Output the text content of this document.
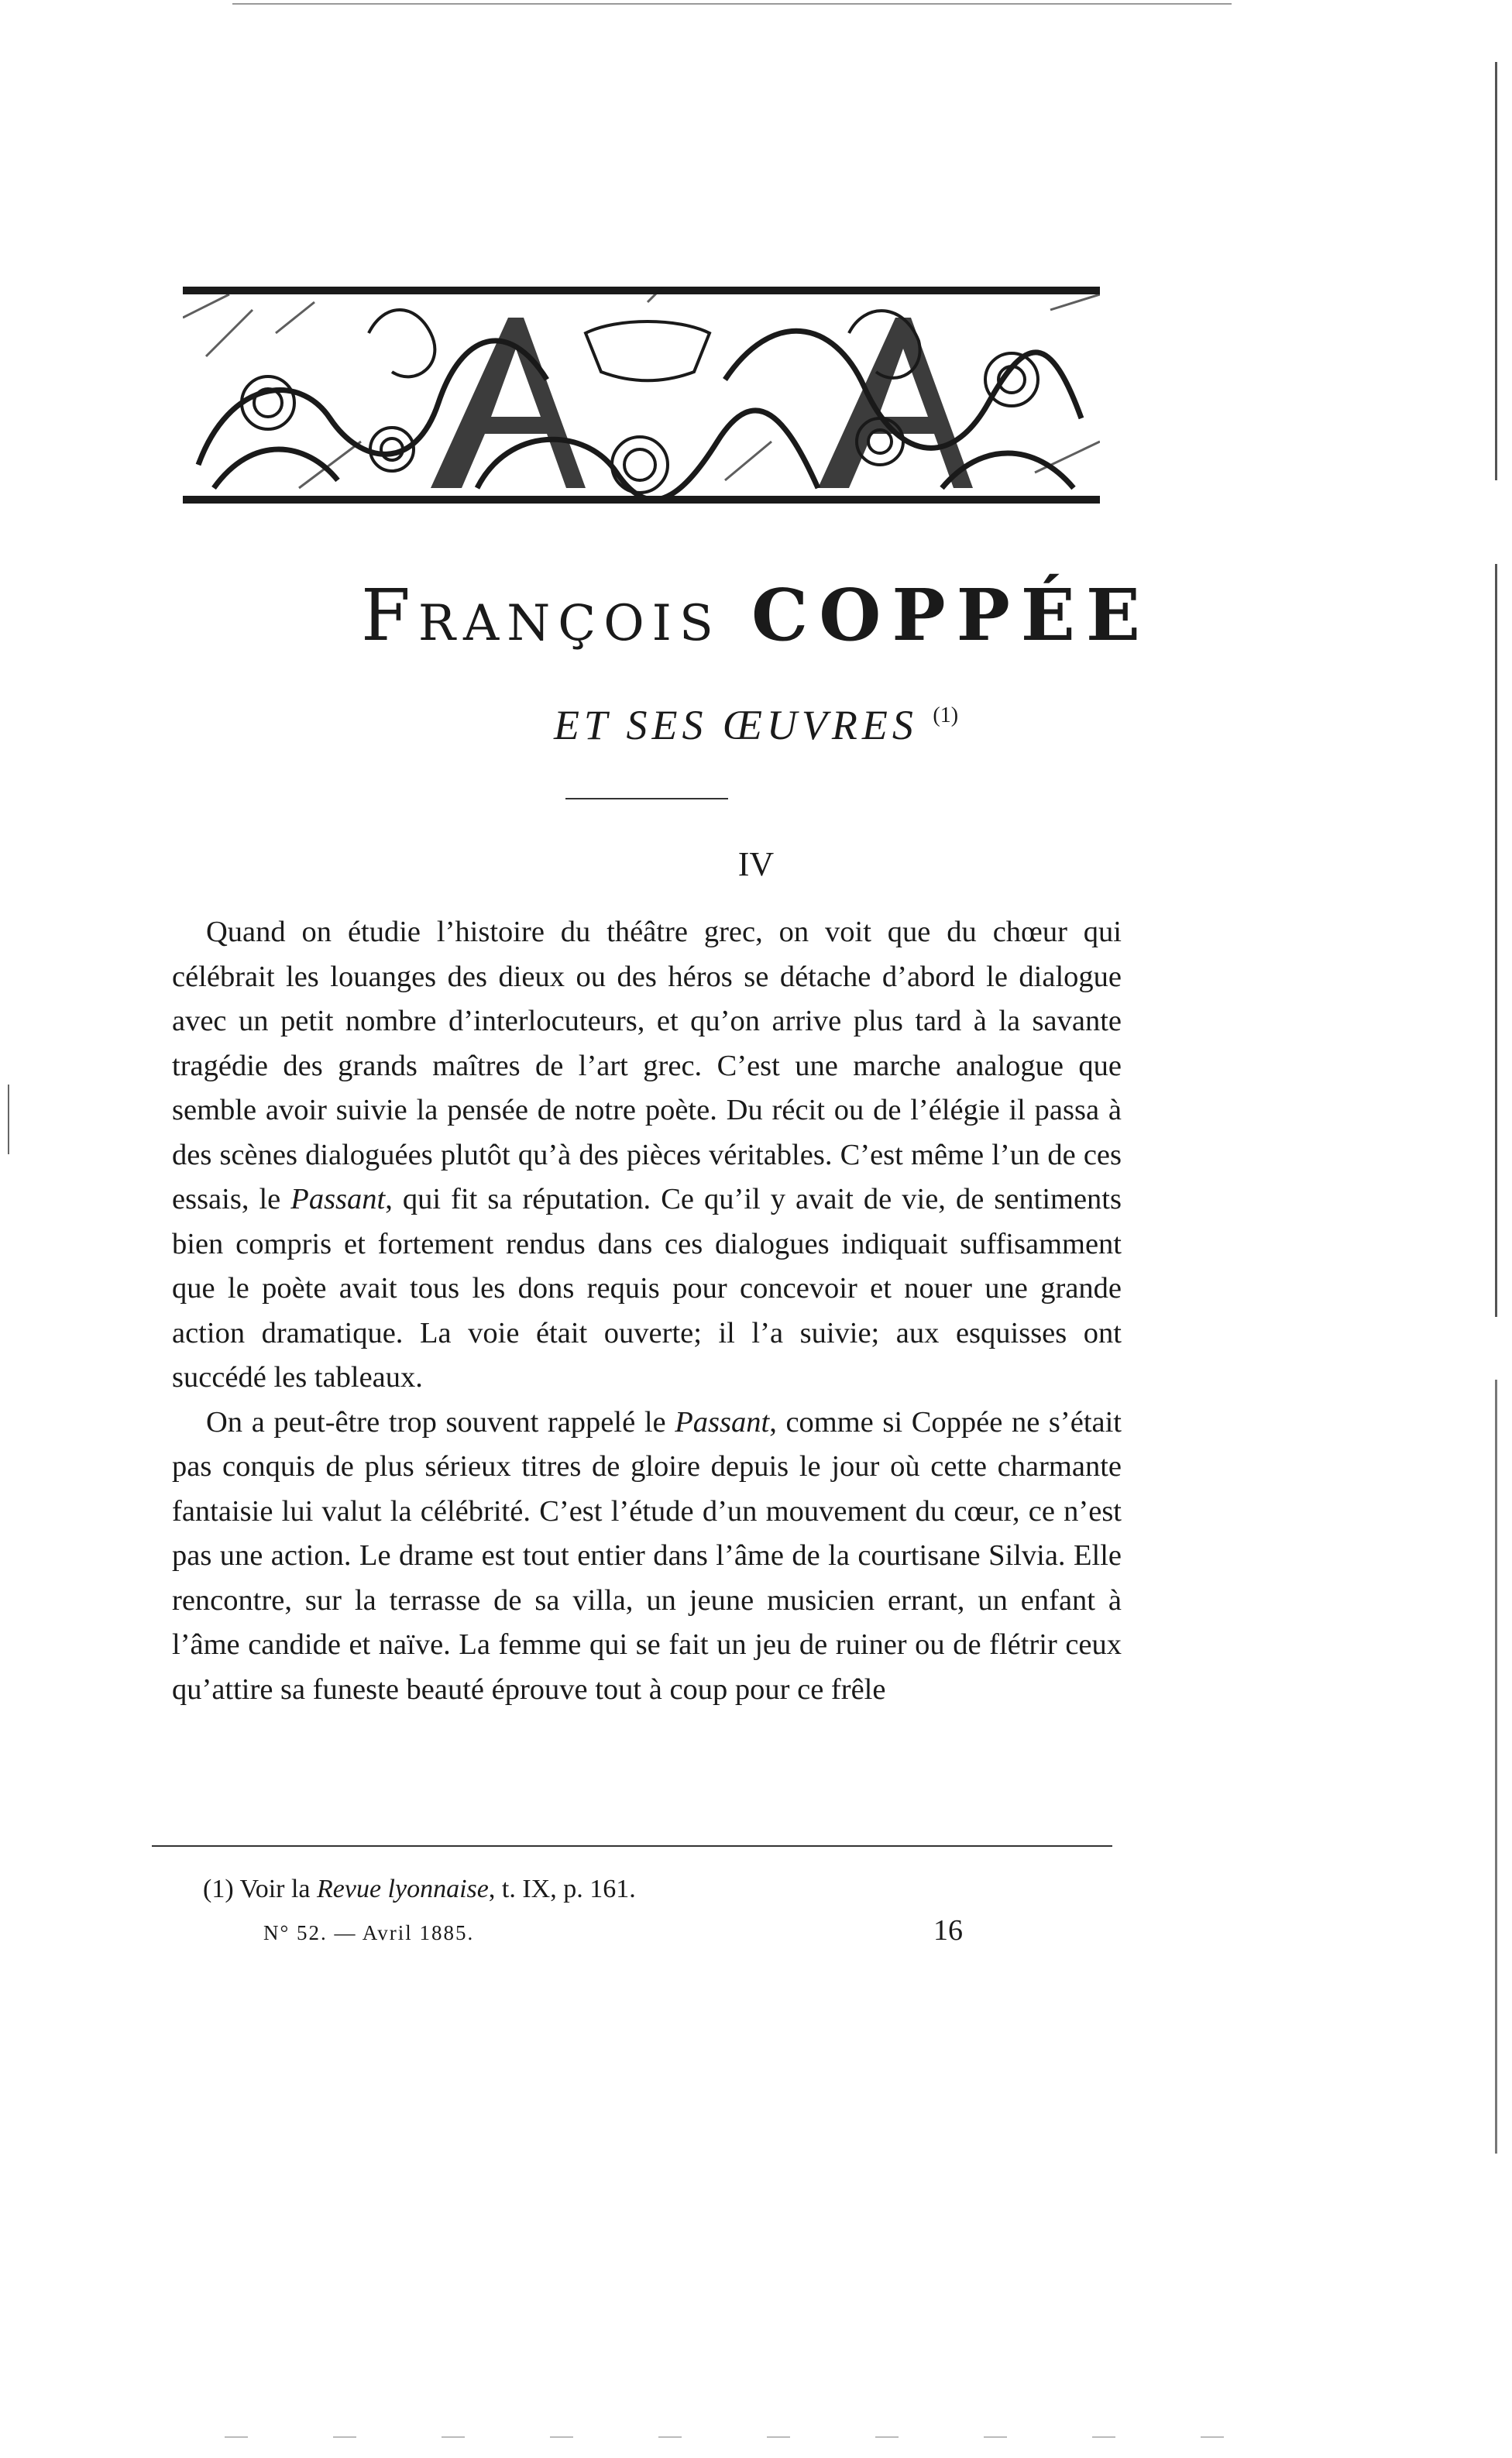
François COPPÉE
ET SES ŒUVRES $^{(1)}$
IV

Quand on étudie l’histoire du théâtre grec, on voit que du chœur qui célébrait les louanges des dieux ou des héros se détache d’abord le dialogue avec un petit nombre d’interlocuteurs, et qu’on arrive plus tard à la savante tragédie des grands maîtres de l’art grec. C’est une marche analogue que semble avoir suivie la pensée de notre poète. Du récit ou de l’élégie il passa à des scènes dialoguées plutôt qu’à des pièces véritables. C’est même l’un de ces essais, le Passant, qui fit sa réputation. Ce qu’il y avait de vie, de sentiments bien compris et fortement rendus dans ces dialogues indiquait suffisamment que le poète avait tous les dons requis pour concevoir et nouer une grande action dramatique. La voie était ouverte; il l’a suivie; aux esquisses ont succédé les tableaux.

On a peut-être trop souvent rappelé le Passant, comme si Coppée ne s’était pas conquis de plus sérieux titres de gloire depuis le jour où cette charmante fantaisie lui valut la célébrité. C’est l’étude d’un mouvement du cœur, ce n’est pas une action. Le drame est tout entier dans l’âme de la courtisane Silvia. Elle rencontre, sur la terrasse de sa villa, un jeune musicien errant, un enfant à l’âme candide et naïve. La femme qui se fait un jeu de ruiner ou de flétrir ceux qu’attire sa funeste beauté éprouve tout à coup pour ce frêle

(1) Voir la Revue lyonnaise, t. IX, p. 161.
N° 52. — Avril 1885.	16
